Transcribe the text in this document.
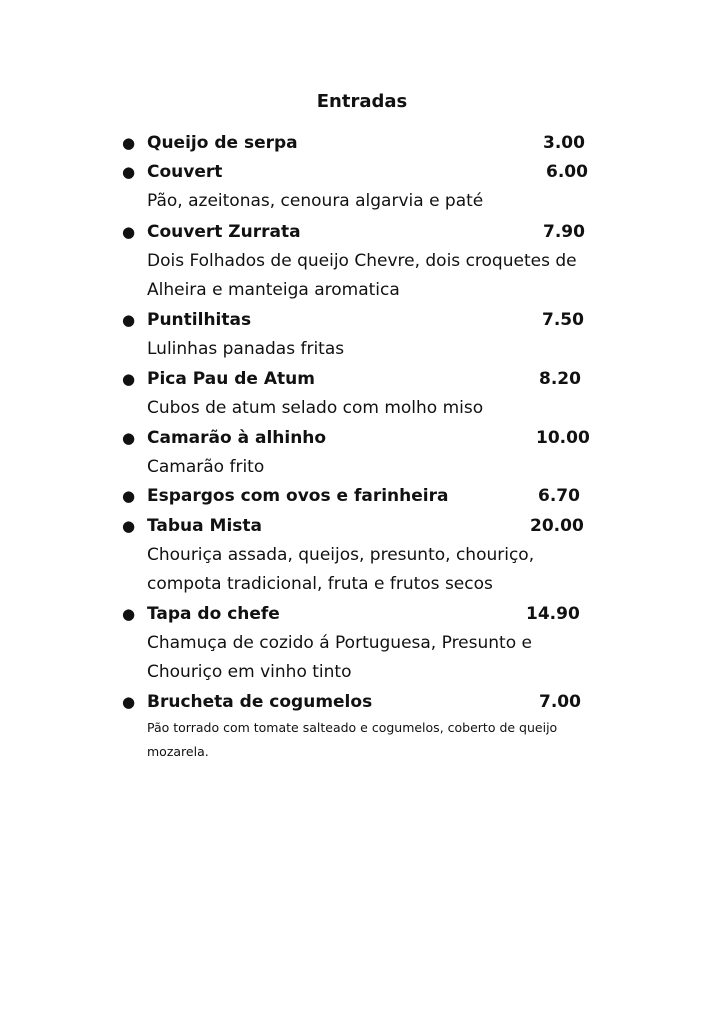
Entradas
● Queijo de serpa	3.00
● Couvert	6.00
Pão, azeitonas, cenoura algarvia e paté
● Couvert Zurrata	7.90
Dois Folhados de queijo Chevre, dois croquetes de
Alheira e manteiga aromatica
● Puntilhitas	7.50
Lulinhas panadas fritas
● Pica Pau de Atum	8.20
Cubos de atum selado com molho miso
● Camarão à alhinho	10.00
Camarão frito
● Espargos com ovos e farinheira	6.70
● Tabua Mista	20.00
Chouriça assada, queijos, presunto, chouriço,
compota tradicional, fruta e frutos secos
● Tapa do chefe	14.90
Chamuça de cozido á Portuguesa, Presunto e
Chouriço em vinho tinto
● Brucheta de cogumelos	7.00
Pão torrado com tomate salteado e cogumelos, coberto de queijo
mozarela.
